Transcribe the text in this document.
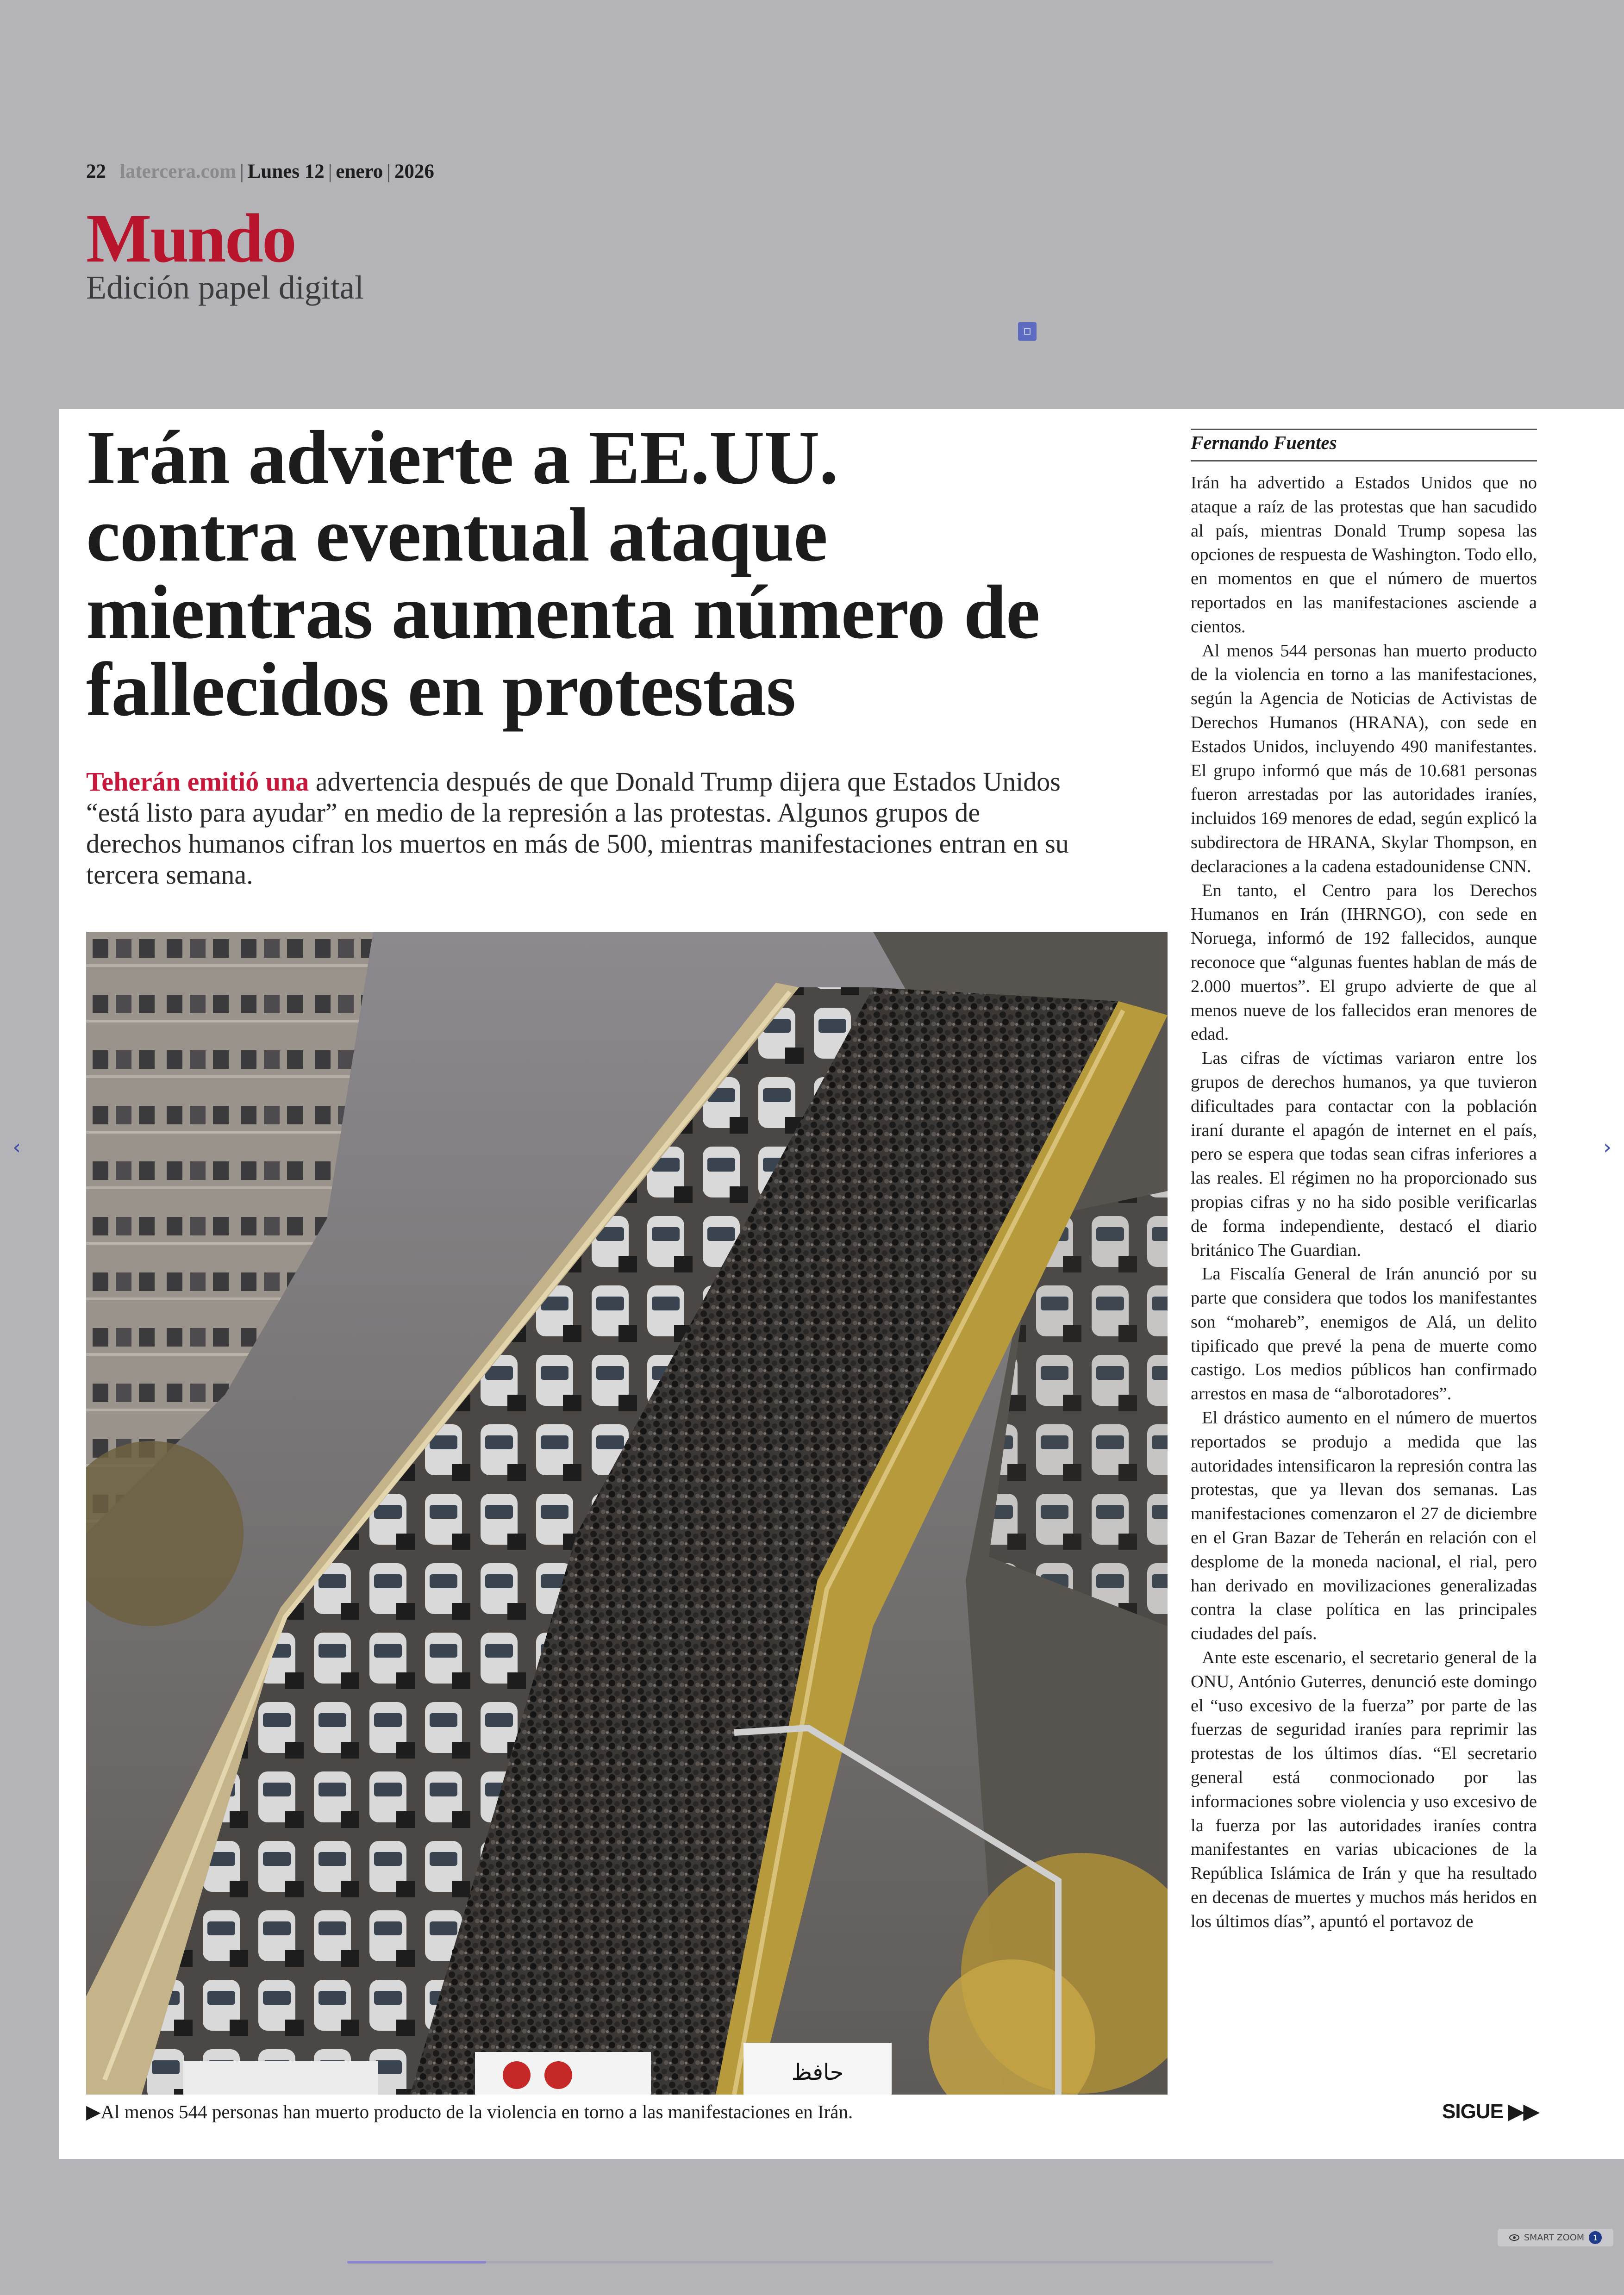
22 latercera.com | Lunes 12 | enero | 2026
Mundo
Edición papel digital
Irán advierte a EE.UU. contra eventual ataque mientras aumenta número de fallecidos en protestas
Teherán emitió una advertencia después de que Donald Trump dijera que Estados Unidos “está listo para ayudar” en medio de la represión a las protestas. Algunos grupos de derechos humanos cifran los muertos en más de 500, mientras manifestaciones entran en su tercera semana.
حافظ
▶Al menos 544 personas han muerto producto de la violencia en torno a las manifestaciones en Irán.	SIGUE ▶▶
Fernando Fuentes

Irán ha advertido a Estados Unidos que no ataque a raíz de las protestas que han sacudido al país, mientras Donald Trump sopesa las opciones de respuesta de Washington. Todo ello, en momentos en que el número de muertos reportados en las manifestaciones asciende a cientos.

Al menos 544 personas han muerto producto de la violencia en torno a las manifestaciones, según la Agencia de Noticias de Activistas de Derechos Humanos (HRANA), con sede en Estados Unidos, incluyendo 490 manifestantes. El grupo informó que más de 10.681 personas fueron arrestadas por las autoridades iraníes, incluidos 169 menores de edad, según explicó la subdirectora de HRANA, Skylar Thompson, en declaraciones a la cadena estadounidense CNN.

En tanto, el Centro para los Derechos Humanos en Irán (IHRNGO), con sede en Noruega, informó de 192 fallecidos, aunque reconoce que “algunas fuentes hablan de más de 2.000 muertos”. El grupo advierte de que al menos nueve de los fallecidos eran menores de edad.

Las cifras de víctimas variaron entre los grupos de derechos humanos, ya que tuvieron dificultades para contactar con la población iraní durante el apagón de internet en el país, pero se espera que todas sean cifras inferiores a las reales. El régimen no ha proporcionado sus propias cifras y no ha sido posible verificarlas de forma independiente, destacó el diario británico The Guardian.

La Fiscalía General de Irán anunció por su parte que considera que todos los manifestantes son “mohareb”, enemigos de Alá, un delito tipificado que prevé la pena de muerte como castigo. Los medios públicos han confirmado arrestos en masa de “alborotadores”.

El drástico aumento en el número de muertos reportados se produjo a medida que las autoridades intensificaron la represión contra las protestas, que ya llevan dos semanas. Las manifestaciones comenzaron el 27 de diciembre en el Gran Bazar de Teherán en relación con el desplome de la moneda nacional, el rial, pero han derivado en movilizaciones generalizadas contra la clase política en las principales ciudades del país.

Ante este escenario, el secretario general de la ONU, António Guterres, denunció este domingo el “uso excesivo de la fuerza” por parte de las fuerzas de seguridad iraníes para reprimir las protestas de los últimos días. “El secretario general está conmocionado por las informaciones sobre violencia y uso excesivo de la fuerza por las autoridades iraníes contra manifestantes en varias ubicaciones de la República Islámica de Irán y que ha resultado en decenas de muertes y muchos más heridos en los últimos días”, apuntó el portavoz de

‹	›
SMART ZOOM	1
